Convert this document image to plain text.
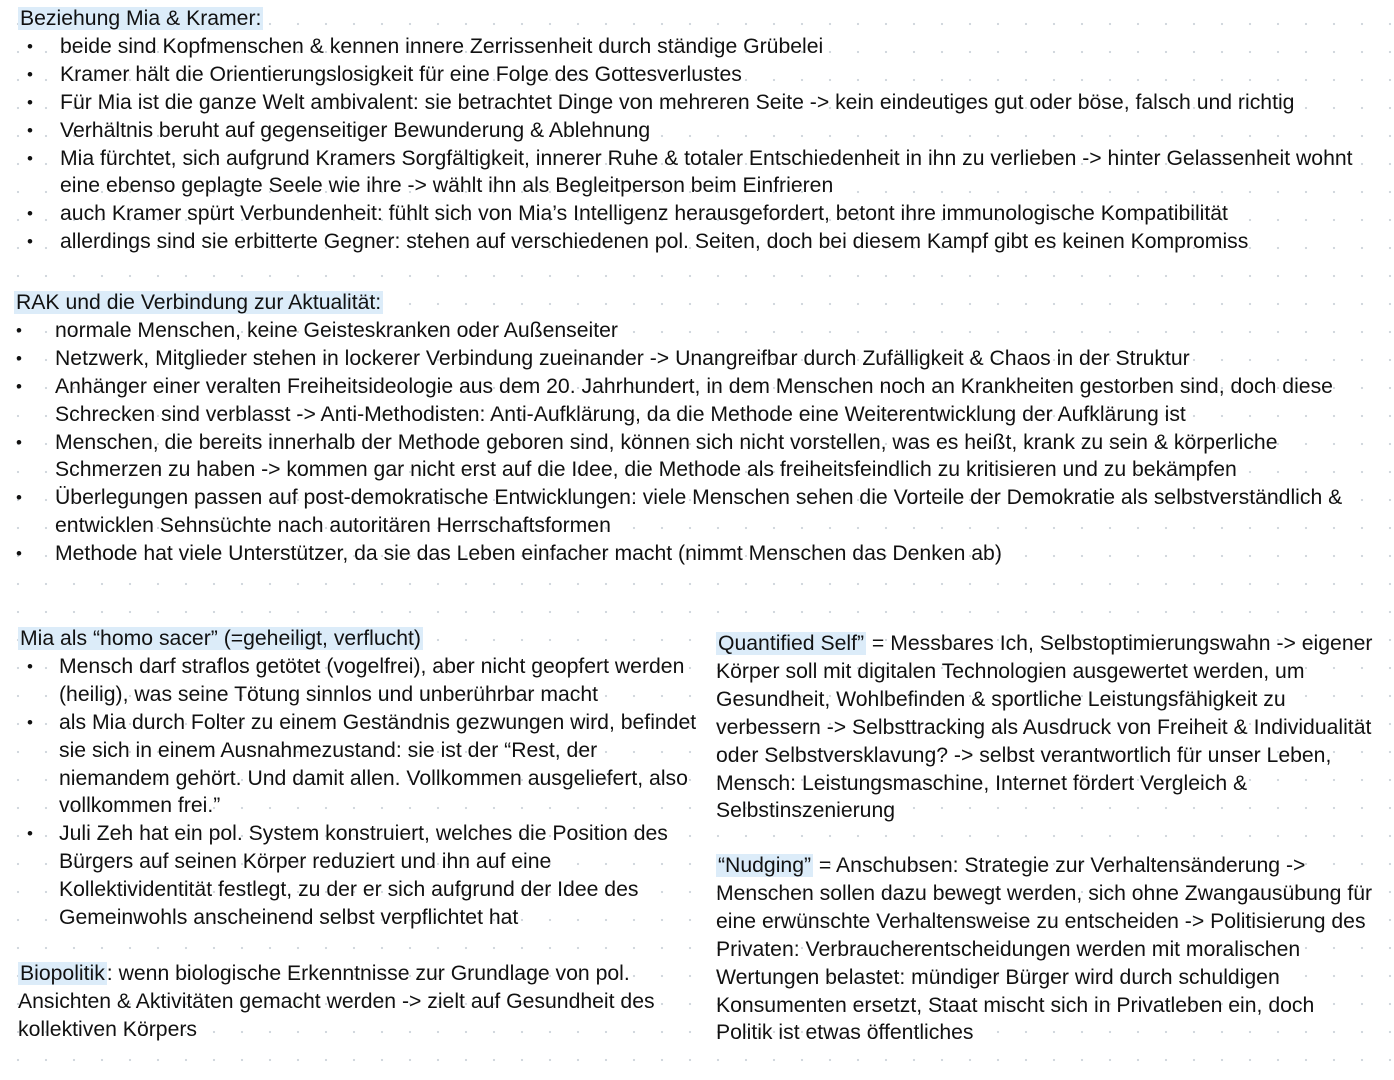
Beziehung Mia & Kramer:
• beide sind Kopfmenschen & kennen innere Zerrissenheit durch ständige Grübelei
• Kramer hält die Orientierungslosigkeit für eine Folge des Gottesverlustes
• Für Mia ist die ganze Welt ambivalent: sie betrachtet Dinge von mehreren Seite -> kein eindeutiges gut oder böse, falsch und richtig
• Verhältnis beruht auf gegenseitiger Bewunderung & Ablehnung
• Mia fürchtet, sich aufgrund Kramers Sorgfältigkeit, innerer Ruhe & totaler Entschiedenheit in ihn zu verlieben -> hinter Gelassenheit wohnt eine ebenso geplagte Seele wie ihre -> wählt ihn als Begleitperson beim Einfrieren
• auch Kramer spürt Verbundenheit: fühlt sich von Mia’s Intelligenz herausgefordert, betont ihre immunologische Kompatibilität
• allerdings sind sie erbitterte Gegner: stehen auf verschiedenen pol. Seiten, doch bei diesem Kampf gibt es keinen Kompromiss
RAK und die Verbindung zur Aktualität:
• normale Menschen, keine Geisteskranken oder Außenseiter
• Netzwerk, Mitglieder stehen in lockerer Verbindung zueinander -> Unangreifbar durch Zufälligkeit & Chaos in der Struktur
• Anhänger einer veralten Freiheitsideologie aus dem 20. Jahrhundert, in dem Menschen noch an Krankheiten gestorben sind, doch diese Schrecken sind verblasst -> Anti-Methodisten: Anti-Aufklärung, da die Methode eine Weiterentwicklung der Aufklärung ist
• Menschen, die bereits innerhalb der Methode geboren sind, können sich nicht vorstellen, was es heißt, krank zu sein & körperliche Schmerzen zu haben -> kommen gar nicht erst auf die Idee, die Methode als freiheitsfeindlich zu kritisieren und zu bekämpfen
• Überlegungen passen auf post-demokratische Entwicklungen: viele Menschen sehen die Vorteile der Demokratie als selbstverständlich & entwicklen Sehnsüchte nach autoritären Herrschaftsformen
• Methode hat viele Unterstützer, da sie das Leben einfacher macht (nimmt Menschen das Denken ab)
Mia als “homo sacer” (=geheiligt, verflucht)
• Mensch darf straflos getötet (vogelfrei), aber nicht geopfert werden (heilig), was seine Tötung sinnlos und unberührbar macht
• als Mia durch Folter zu einem Geständnis gezwungen wird, befindet sie sich in einem Ausnahmezustand: sie ist der “Rest, der niemandem gehört. Und damit allen. Vollkommen ausgeliefert, also vollkommen frei.”
• Juli Zeh hat ein pol. System konstruiert, welches die Position des Bürgers auf seinen Körper reduziert und ihn auf eine Kollektividentität festlegt, zu der er sich aufgrund der Idee des Gemeinwohls anscheinend selbst verpflichtet hat
Biopolitik: wenn biologische Erkenntnisse zur Grundlage von pol. Ansichten & Aktivitäten gemacht werden -> zielt auf Gesundheit des kollektiven Körpers
Quantified Self” = Messbares Ich, Selbstoptimierungswahn -> eigener Körper soll mit digitalen Technologien ausgewertet werden, um Gesundheit, Wohlbefinden & sportliche Leistungsfähigkeit zu verbessern -> Selbsttracking als Ausdruck von Freiheit & Individualität oder Selbstversklavung? -> selbst verantwortlich für unser Leben, Mensch: Leistungsmaschine, Internet fördert Vergleich & Selbstinszenierung
“Nudging” = Anschubsen: Strategie zur Verhaltensänderung -> Menschen sollen dazu bewegt werden, sich ohne Zwangausübung für eine erwünschte Verhaltensweise zu entscheiden -> Politisierung des Privaten: Verbraucherentscheidungen werden mit moralischen Wertungen belastet: mündiger Bürger wird durch schuldigen Konsumenten ersetzt, Staat mischt sich in Privatleben ein, doch Politik ist etwas öffentliches
